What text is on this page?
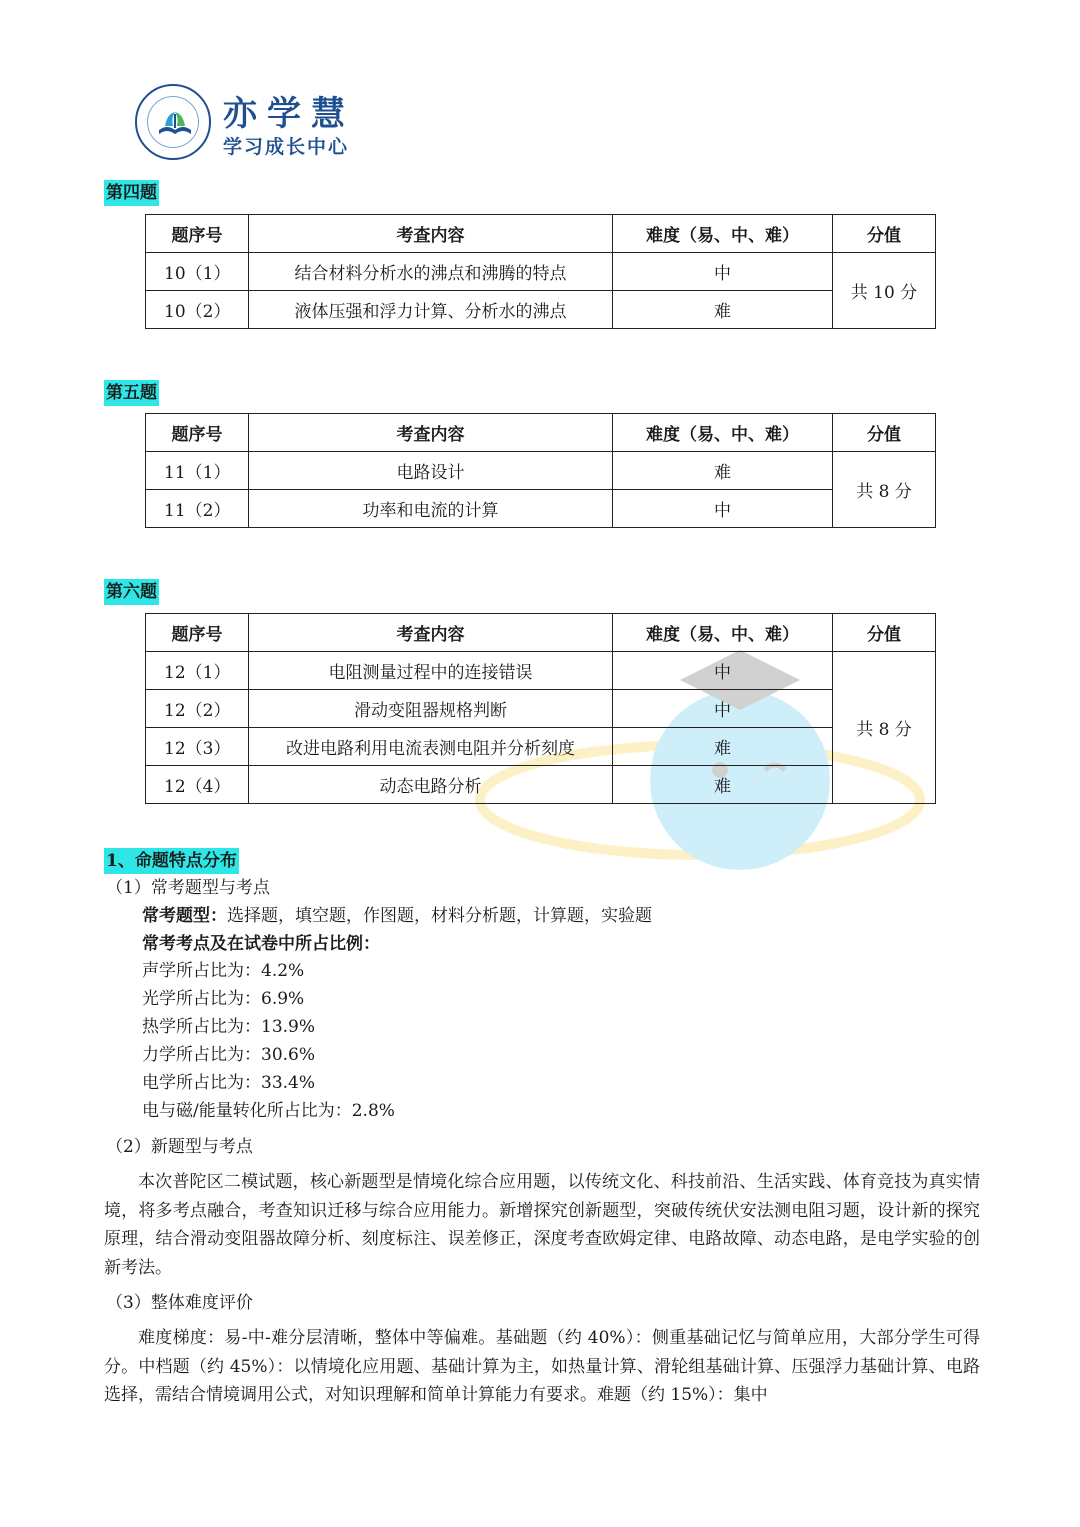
亦学慧
学习成长中心
第四题
题序号	考查内容	难度（易、中、难）	分值
10（1）	结合材料分析水的沸点和沸腾的特点	中	共 10 分
10（2）	液体压强和浮力计算、分析水的沸点	难	
第五题
题序号	考查内容	难度（易、中、难）	分值
11（1）	电路设计	难	共 8 分
11（2）	功率和电流的计算	中	
第六题
题序号	考查内容	难度（易、中、难）	分值
12（1）	电阻测量过程中的连接错误	中	共 8 分
12（2）	滑动变阻器规格判断	中	
12（3）	改进电路利用电流表测电阻并分析刻度	难	
12（4）	动态电路分析	难	
1、命题特点分布
（1）常考题型与考点
常考题型：选择题，填空题，作图题，材料分析题，计算题，实验题
常考考点及在试卷中所占比例：
声学所占比为：4.2%
光学所占比为：6.9%
热学所占比为：13.9%
力学所占比为：30.6%
电学所占比为：33.4%
电与磁/能量转化所占比为：2.8%
（2）新题型与考点
本次普陀区二模试题，核心新题型是情境化综合应用题，以传统文化、科技前沿、生活实践、体育竞技为真实情境，将多考点融合，考查知识迁移与综合应用能力。新增探究创新题型，突破传统伏安法测电阻习题，设计新的探究原理，结合滑动变阻器故障分析、刻度标注、误差修正，深度考查欧姆定律、电路故障、动态电路，是电学实验的创新考法。
（3）整体难度评价
难度梯度：易-中-难分层清晰，整体中等偏难。基础题（约 40%）：侧重基础记忆与简单应用，大部分学生可得分。中档题（约 45%）：以情境化应用题、基础计算为主，如热量计算、滑轮组基础计算、压强浮力基础计算、电路选择，需结合情境调用公式，对知识理解和简单计算能力有要求。难题（约 15%）：集中
